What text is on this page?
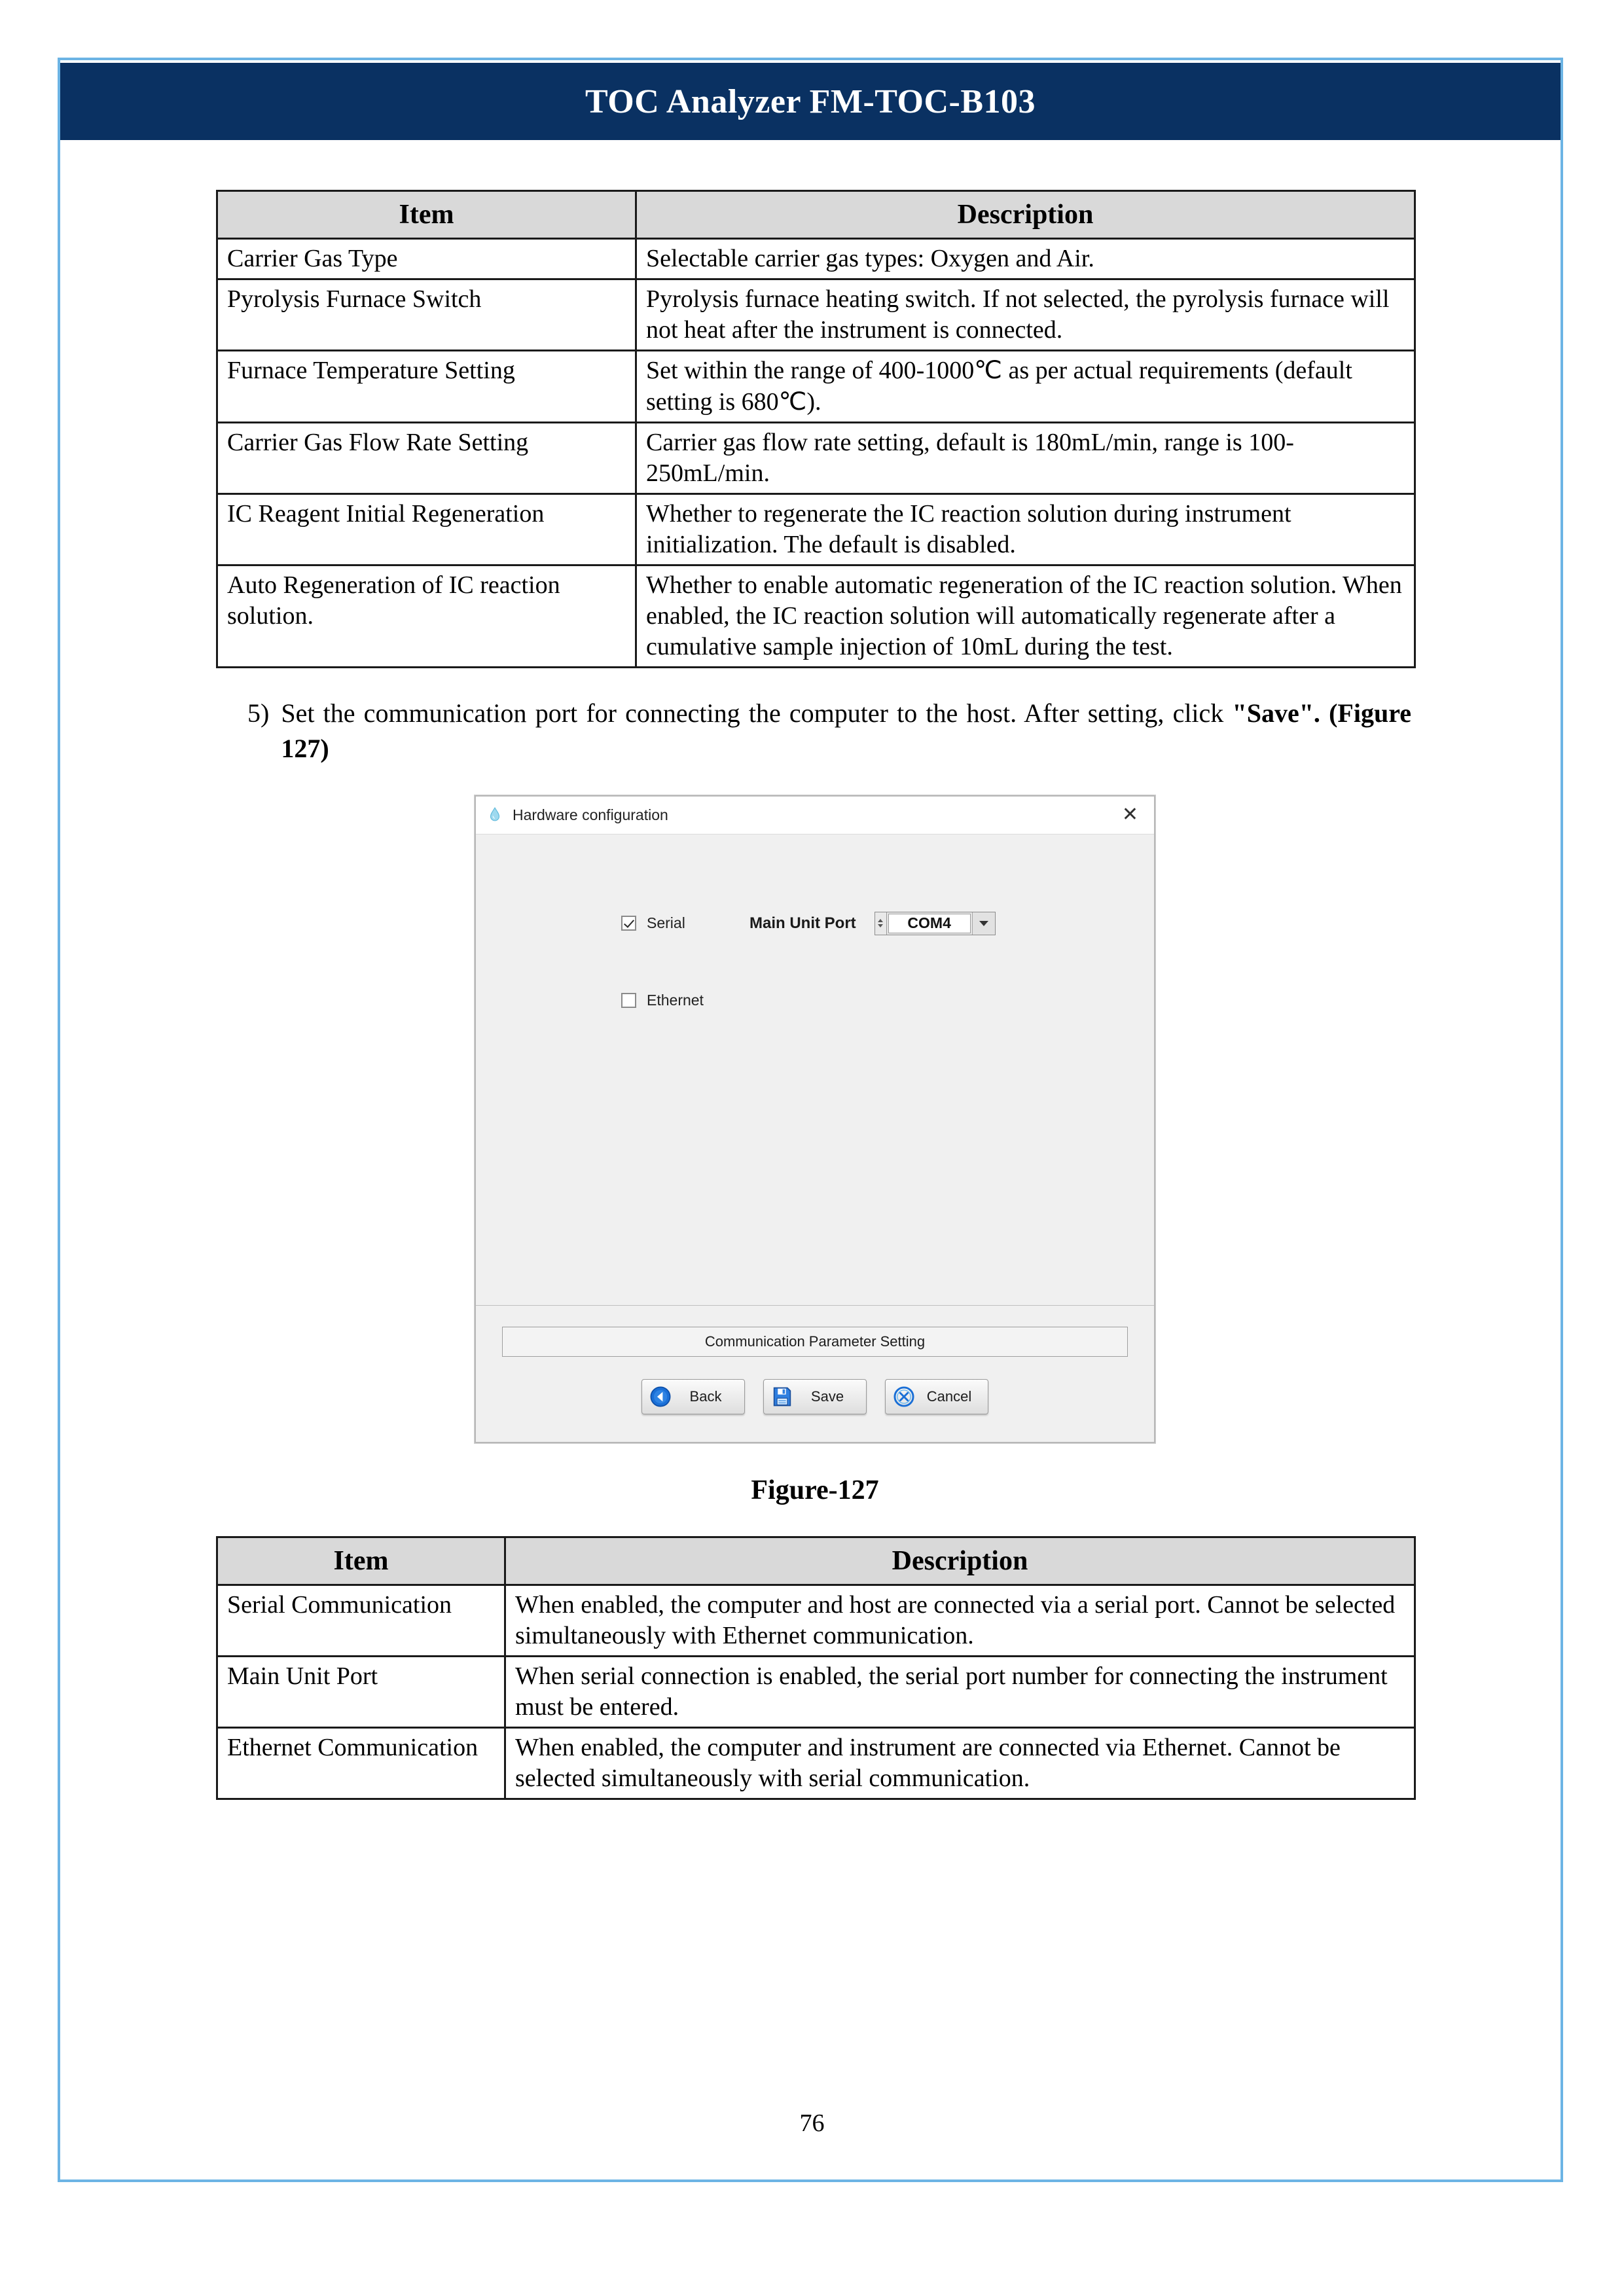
TOC Analyzer FM-TOC-B103
Item	Description
Carrier Gas Type	Selectable carrier gas types: Oxygen and Air.
Pyrolysis Furnace Switch	Pyrolysis furnace heating switch. If not selected, the pyrolysis furnace will not heat after the instrument is connected.
Furnace Temperature Setting	Set within the range of 400-1000℃ as per actual requirements (default setting is 680℃).
Carrier Gas Flow Rate Setting	Carrier gas flow rate setting, default is 180mL/min, range is 100-250mL/min.
IC Reagent Initial Regeneration	Whether to regenerate the IC reaction solution during instrument initialization. The default is disabled.
Auto Regeneration of IC reaction solution.	Whether to enable automatic regeneration of the IC reaction solution. When enabled, the IC reaction solution will automatically regenerate after a cumulative sample injection of 10mL during the test.
5) Set the communication port for connecting the computer to the host. After setting, click "Save". (Figure 127)
Hardware configuration	✕
Serial	Main Unit Port	COM4
Ethernet
Communication Parameter Setting
Back	Save	Cancel
Figure-127
Item	Description
Serial Communication	When enabled, the computer and host are connected via a serial port. Cannot be selected simultaneously with Ethernet communication.
Main Unit Port	When serial connection is enabled, the serial port number for connecting the instrument must be entered.
Ethernet Communication	When enabled, the computer and instrument are connected via Ethernet. Cannot be selected simultaneously with serial communication.
76
